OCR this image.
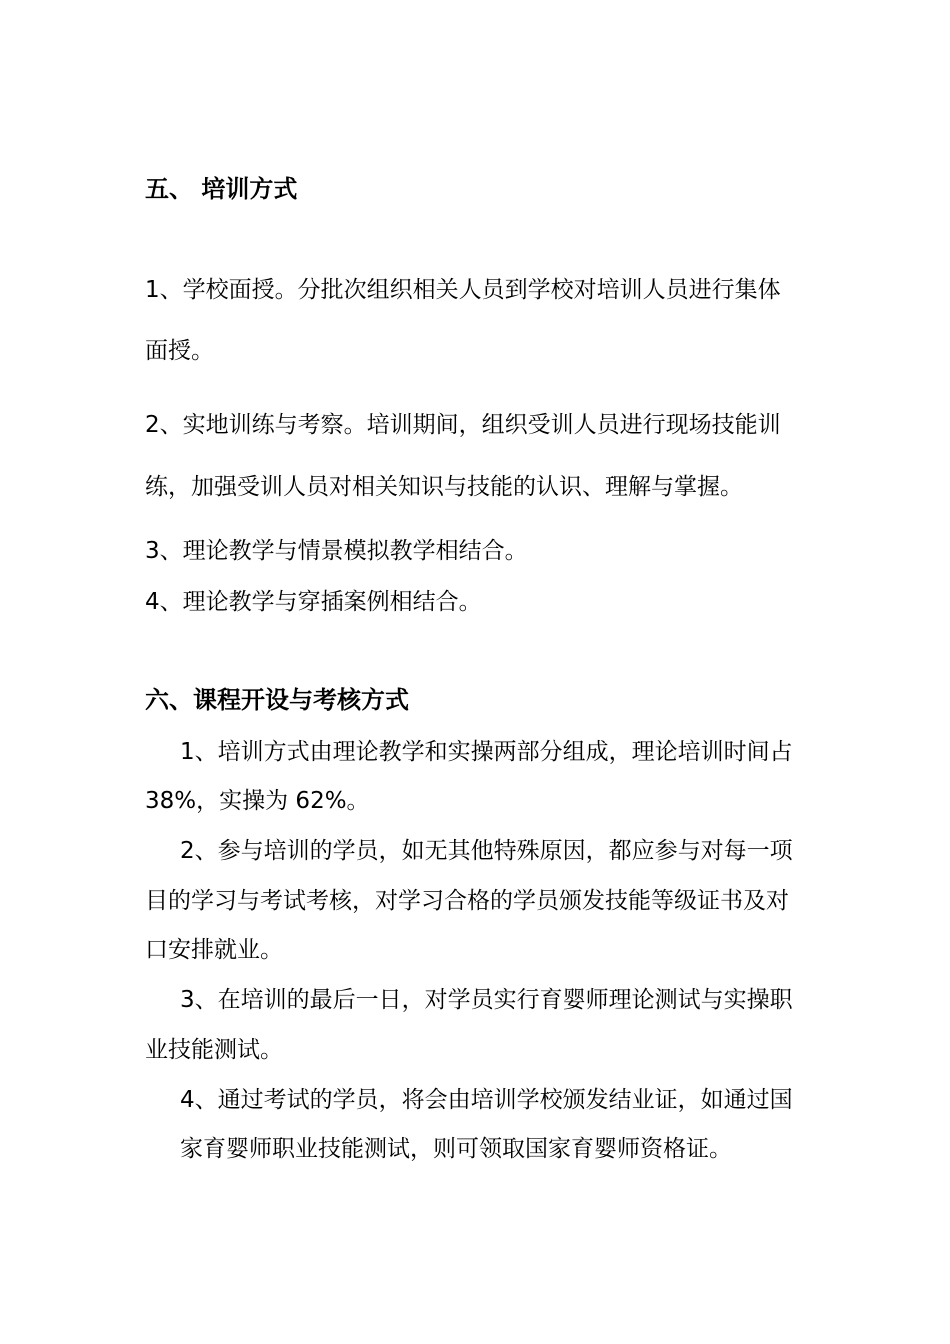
五、 培训方式
1、学校面授。分批次组织相关人员到学校对培训人员进行集体
面授。
2、实地训练与考察。培训期间，组织受训人员进行现场技能训
练，加强受训人员对相关知识与技能的认识、理解与掌握。
3、理论教学与情景模拟教学相结合。
4、理论教学与穿插案例相结合。
六、课程开设与考核方式
1、培训方式由理论教学和实操两部分组成，理论培训时间占
38%，实操为 62%。
2、参与培训的学员，如无其他特殊原因，都应参与对每一项
目的学习与考试考核，对学习合格的学员颁发技能等级证书及对
口安排就业。
3、在培训的最后一日，对学员实行育婴师理论测试与实操职
业技能测试。
4、通过考试的学员，将会由培训学校颁发结业证，如通过国
家育婴师职业技能测试，则可领取国家育婴师资格证。
